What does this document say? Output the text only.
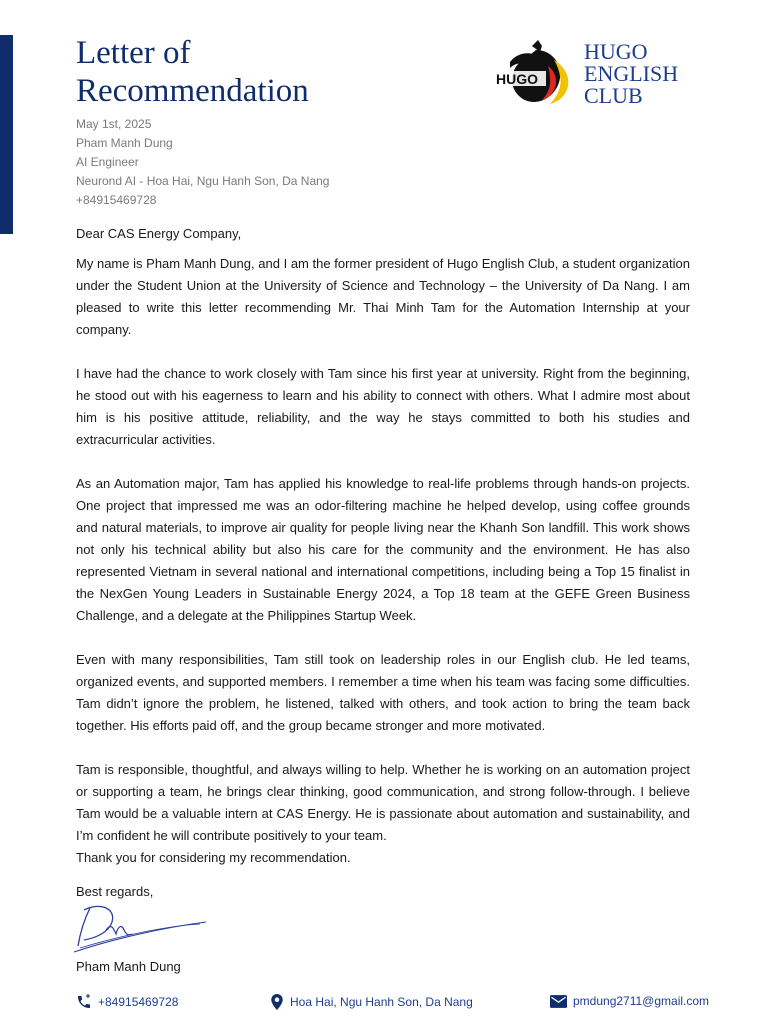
Letter of
Recommendation	HUGO
HUGO
ENGLISH
CLUB
May 1st, 2025
Pham Manh Dung
AI Engineer
Neurond AI - Hoa Hai, Ngu Hanh Son, Da Nang
+84915469728

Dear CAS Energy Company,

My name is Pham Manh Dung, and I am the former president of Hugo English Club, a student organization under the Student Union at the University of Science and Technology – the University of Da Nang. I am pleased to write this letter recommending Mr. Thai Minh Tam for the Automation Internship at your company.

I have had the chance to work closely with Tam since his first year at university. Right from the beginning, he stood out with his eagerness to learn and his ability to connect with others. What I admire most about him is his positive attitude, reliability, and the way he stays committed to both his studies and extracurricular activities.

As an Automation major, Tam has applied his knowledge to real-life problems through hands-on projects. One project that impressed me was an odor-filtering machine he helped develop, using coffee grounds and natural materials, to improve air quality for people living near the Khanh Son landfill. This work shows not only his technical ability but also his care for the community and the environment. He has also represented Vietnam in several national and international competitions, including being a Top 15 finalist in the NexGen Young Leaders in Sustainable Energy 2024, a Top 18 team at the GEFE Green Business Challenge, and a delegate at the Philippines Startup Week.

Even with many responsibilities, Tam still took on leadership roles in our English club. He led teams, organized events, and supported members. I remember a time when his team was facing some difficulties. Tam didn’t ignore the problem, he listened, talked with others, and took action to bring the team back together. His efforts paid off, and the group became stronger and more motivated.

Tam is responsible, thoughtful, and always willing to help. Whether he is working on an automation project or supporting a team, he brings clear thinking, good communication, and strong follow-through. I believe Tam would be a valuable intern at CAS Energy. He is passionate about automation and sustainability, and I’m confident he will contribute positively to your team.

Thank you for considering my recommendation.

Best regards,

Pham Manh Dung
+84915469728	Hoa Hai, Ngu Hanh Son, Da Nang	pmdung2711@gmail.com
